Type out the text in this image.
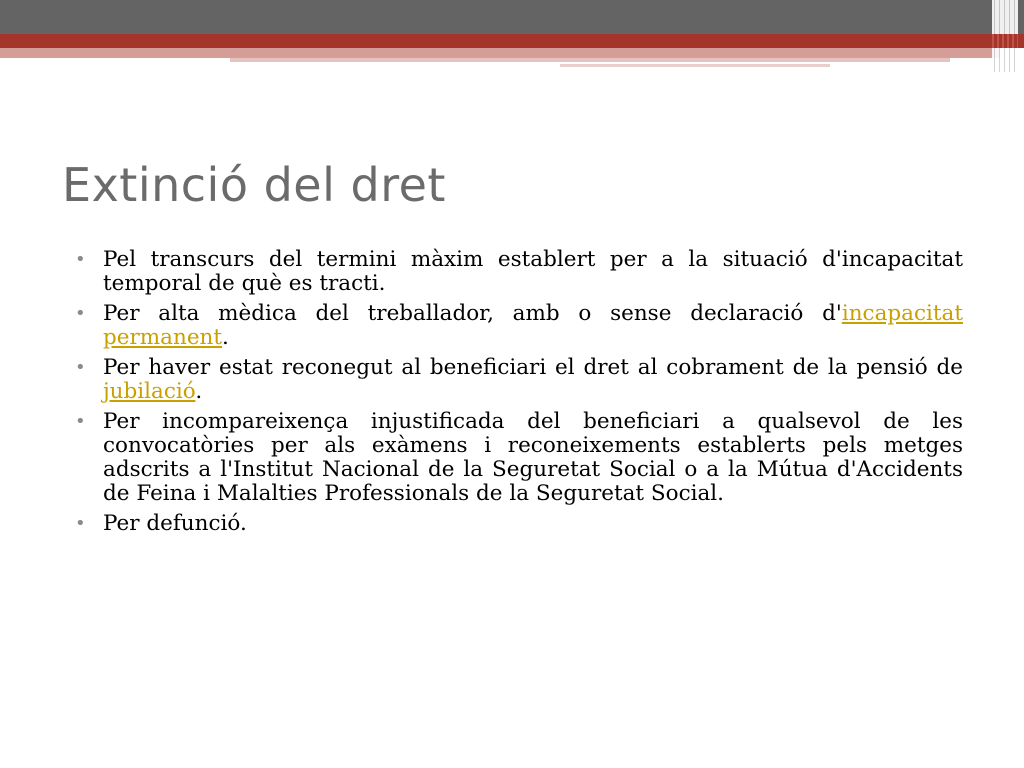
Extinció del dret
• Pel transcurs del termini màxim establert per a la situació d'incapacitat temporal de què es tracti.
• Per alta mèdica del treballador, amb o sense declaració d'incapacitat permanent.
• Per haver estat reconegut al beneficiari el dret al cobrament de la pensió de jubilació.
• Per incompareixença injustificada del beneficiari a qualsevol de les convocatòries per als exàmens i reconeixements establerts pels metges adscrits a l'Institut Nacional de la Seguretat Social o a la Mútua d'Accidents de Feina i Malalties Professionals de la Seguretat Social.
• Per defunció.
